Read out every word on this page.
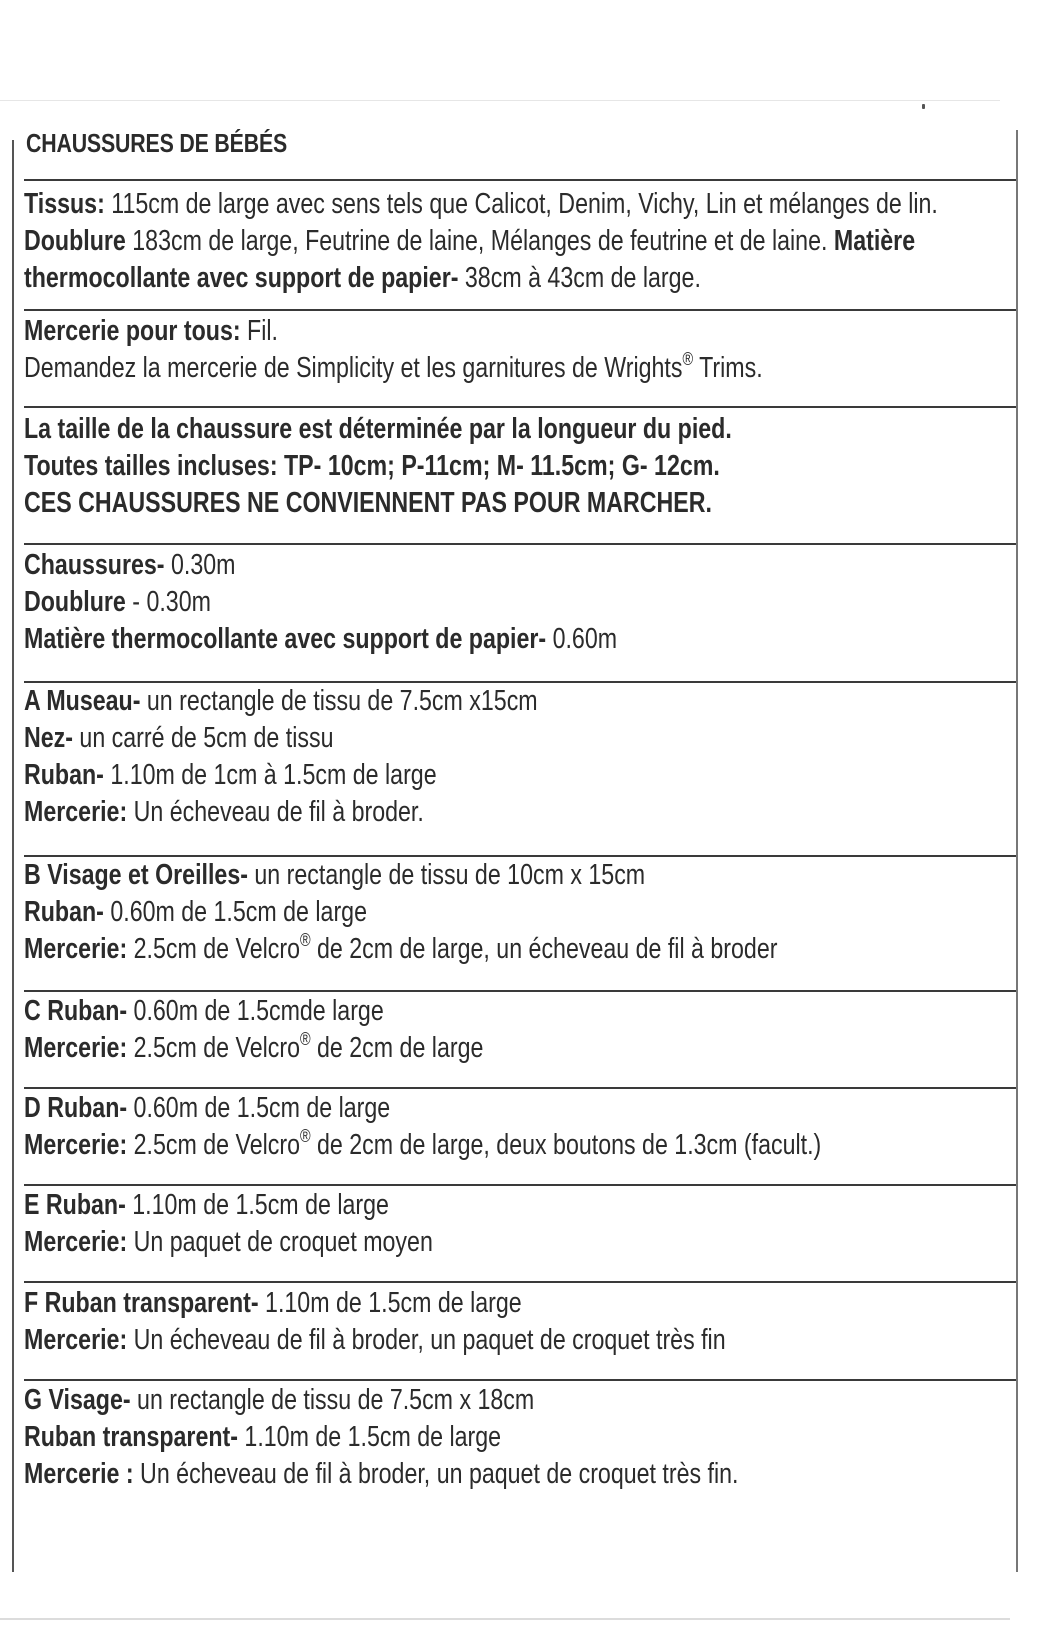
CHAUSSURES DE BÉBÉS
Tissus: 115cm de large avec sens tels que Calicot, Denim, Vichy, Lin et mélanges de lin.
Doublure 183cm de large, Feutrine de laine, Mélanges de feutrine et de laine. Matière
thermocollante avec support de papier- 38cm à 43cm de large.
Mercerie pour tous: Fil.
Demandez la mercerie de Simplicity et les garnitures de Wrights® Trims.
La taille de la chaussure est déterminée par la longueur du pied.
Toutes tailles incluses: TP- 10cm; P-11cm; M- 11.5cm; G- 12cm.
CES CHAUSSURES NE CONVIENNENT PAS POUR MARCHER.
Chaussures- 0.30m
Doublure - 0.30m
Matière thermocollante avec support de papier- 0.60m
A Museau- un rectangle de tissu de 7.5cm x15cm
Nez- un carré de 5cm de tissu
Ruban- 1.10m de 1cm à 1.5cm de large
Mercerie: Un écheveau de fil à broder.
B Visage et Oreilles- un rectangle de tissu de 10cm x 15cm
Ruban- 0.60m de 1.5cm de large
Mercerie: 2.5cm de Velcro® de 2cm de large, un écheveau de fil à broder
C Ruban- 0.60m de 1.5cmde large
Mercerie: 2.5cm de Velcro® de 2cm de large
D Ruban- 0.60m de 1.5cm de large
Mercerie: 2.5cm de Velcro® de 2cm de large, deux boutons de 1.3cm (facult.)
E Ruban- 1.10m de 1.5cm de large
Mercerie: Un paquet de croquet moyen
F Ruban transparent- 1.10m de 1.5cm de large
Mercerie: Un écheveau de fil à broder, un paquet de croquet très fin
G Visage- un rectangle de tissu de 7.5cm x 18cm
Ruban transparent- 1.10m de 1.5cm de large
Mercerie : Un écheveau de fil à broder, un paquet de croquet très fin.
